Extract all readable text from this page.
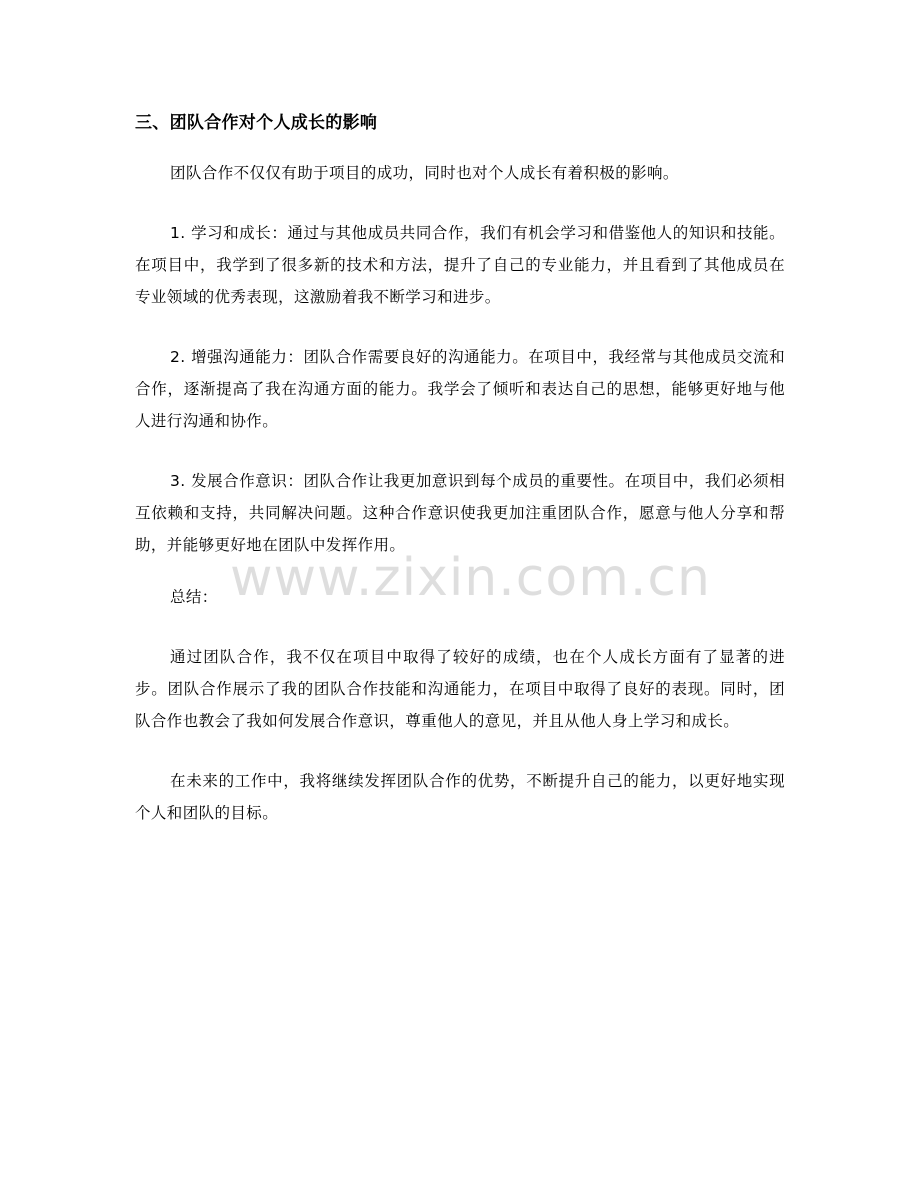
三、团队合作对个人成长的影响

团队合作不仅仅有助于项目的成功，同时也对个人成长有着积极的影响。

1. 学习和成长：通过与其他成员共同合作，我们有机会学习和借鉴他人的知识和技能。在项目中，我学到了很多新的技术和方法，提升了自己的专业能力，并且看到了其他成员在专业领域的优秀表现，这激励着我不断学习和进步。

2. 增强沟通能力：团队合作需要良好的沟通能力。在项目中，我经常与其他成员交流和合作，逐渐提高了我在沟通方面的能力。我学会了倾听和表达自己的思想，能够更好地与他人进行沟通和协作。

3. 发展合作意识：团队合作让我更加意识到每个成员的重要性。在项目中，我们必须相互依赖和支持，共同解决问题。这种合作意识使我更加注重团队合作，愿意与他人分享和帮助，并能够更好地在团队中发挥作用。

总结：

通过团队合作，我不仅在项目中取得了较好的成绩，也在个人成长方面有了显著的进步。团队合作展示了我的团队合作技能和沟通能力，在项目中取得了良好的表现。同时，团队合作也教会了我如何发展合作意识，尊重他人的意见，并且从他人身上学习和成长。

在未来的工作中，我将继续发挥团队合作的优势，不断提升自己的能力，以更好地实现个人和团队的目标。

www.zixin.com.cn
